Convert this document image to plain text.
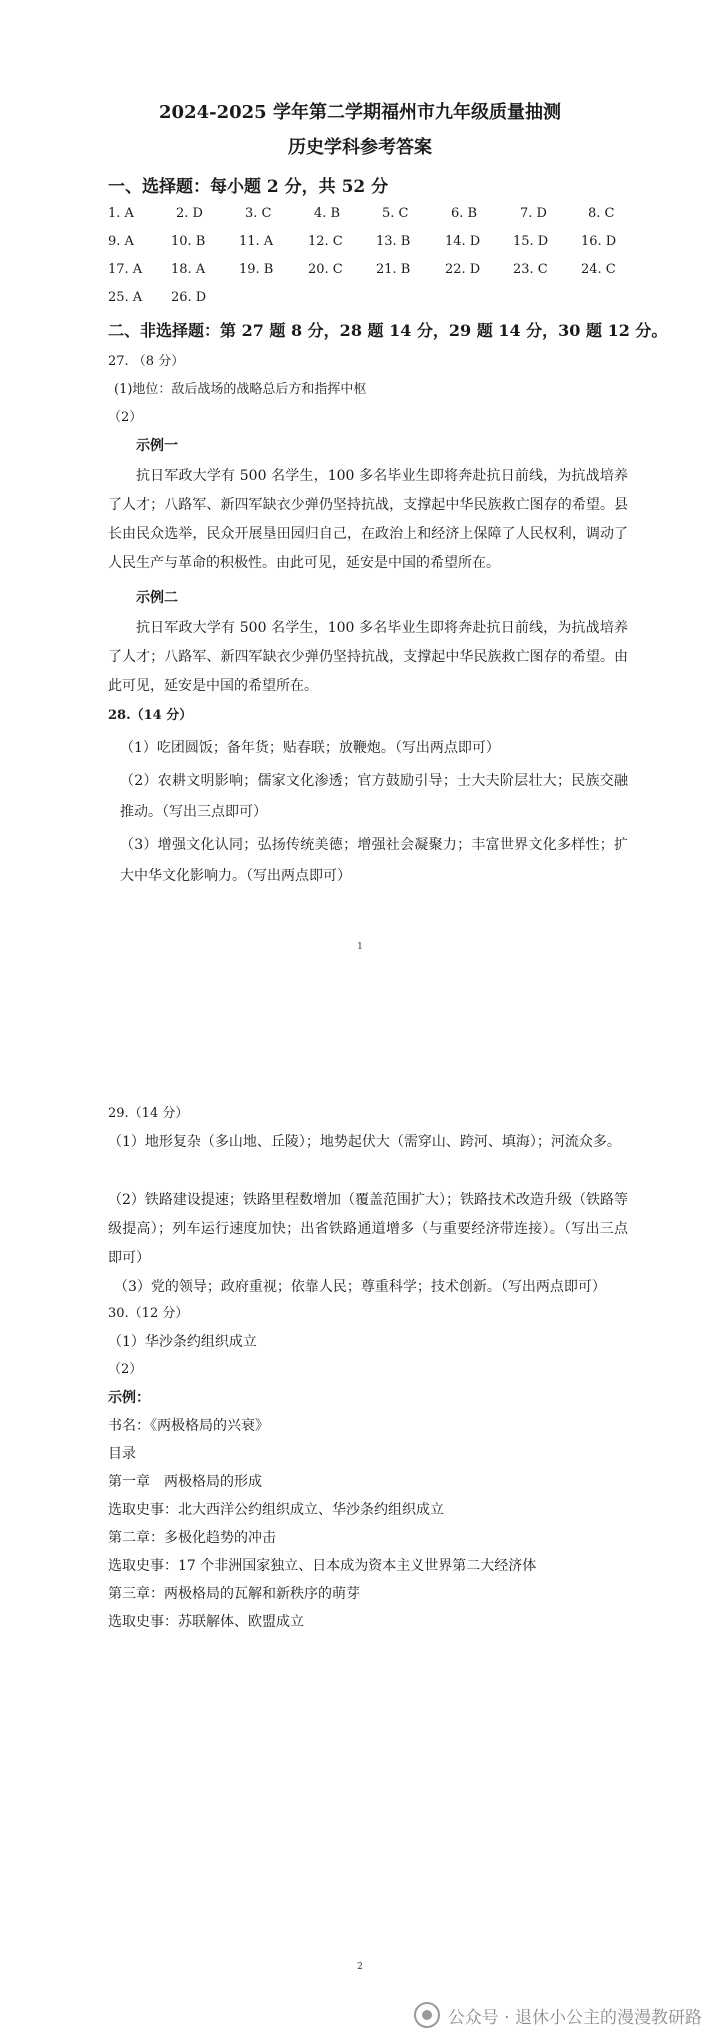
2024-2025 学年第二学期福州市九年级质量抽测
历史学科参考答案
一、选择题：每小题 2 分，共 52 分
1. A	2. D	3. C	4. B	5. C	6. B	7. D	8. C
9. A	10. B	11. A	12. C	13. B	14. D	15. D	16. D
17. A 18. A	19. B	20. C	21. B	22. D	23. C	24. C
25. A 26. D
二、非选择题：第 27 题 8 分，28 题 14 分，29 题 14 分，30 题 12 分。
27. （8 分）
(1)地位：敌后战场的战略总后方和指挥中枢
（2）
示例一
抗日军政大学有 500 名学生，100 多名毕业生即将奔赴抗日前线，为抗战培养了人才；八路军、新四军缺衣少弹仍坚持抗战，支撑起中华民族救亡图存的希望。县长由民众选举，民众开展垦田园归自己，在政治上和经济上保障了人民权利，调动了人民生产与革命的积极性。由此可见，延安是中国的希望所在。
示例二
抗日军政大学有 500 名学生，100 多名毕业生即将奔赴抗日前线，为抗战培养了人才；八路军、新四军缺衣少弹仍坚持抗战，支撑起中华民族救亡图存的希望。由此可见，延安是中国的希望所在。
28.（14 分）
（1）吃团圆饭；备年货；贴春联；放鞭炮。（写出两点即可）
（2）农耕文明影响；儒家文化渗透；官方鼓励引导；士大夫阶层壮大；民族交融推动。（写出三点即可）
（3）增强文化认同；弘扬传统美德；增强社会凝聚力；丰富世界文化多样性；扩大中华文化影响力。（写出两点即可）
1
29.（14 分）
（1）地形复杂（多山地、丘陵）；地势起伏大（需穿山、跨河、填海）；河流众多。
（2）铁路建设提速；铁路里程数增加（覆盖范围扩大）；铁路技术改造升级（铁路等级提高）；列车运行速度加快；出省铁路通道增多（与重要经济带连接）。（写出三点即可）
（3）党的领导；政府重视；依靠人民；尊重科学；技术创新。（写出两点即可）
30.（12 分）
（1）华沙条约组织成立
（2）
示例：
书名：《两极格局的兴衰》
目录
第一章　两极格局的形成
选取史事：北大西洋公约组织成立、华沙条约组织成立
第二章：多极化趋势的冲击
选取史事：17 个非洲国家独立、日本成为资本主义世界第二大经济体
第三章：两极格局的瓦解和新秩序的萌芽
选取史事：苏联解体、欧盟成立
2
公众号 · 退休小公主的漫漫教研路
